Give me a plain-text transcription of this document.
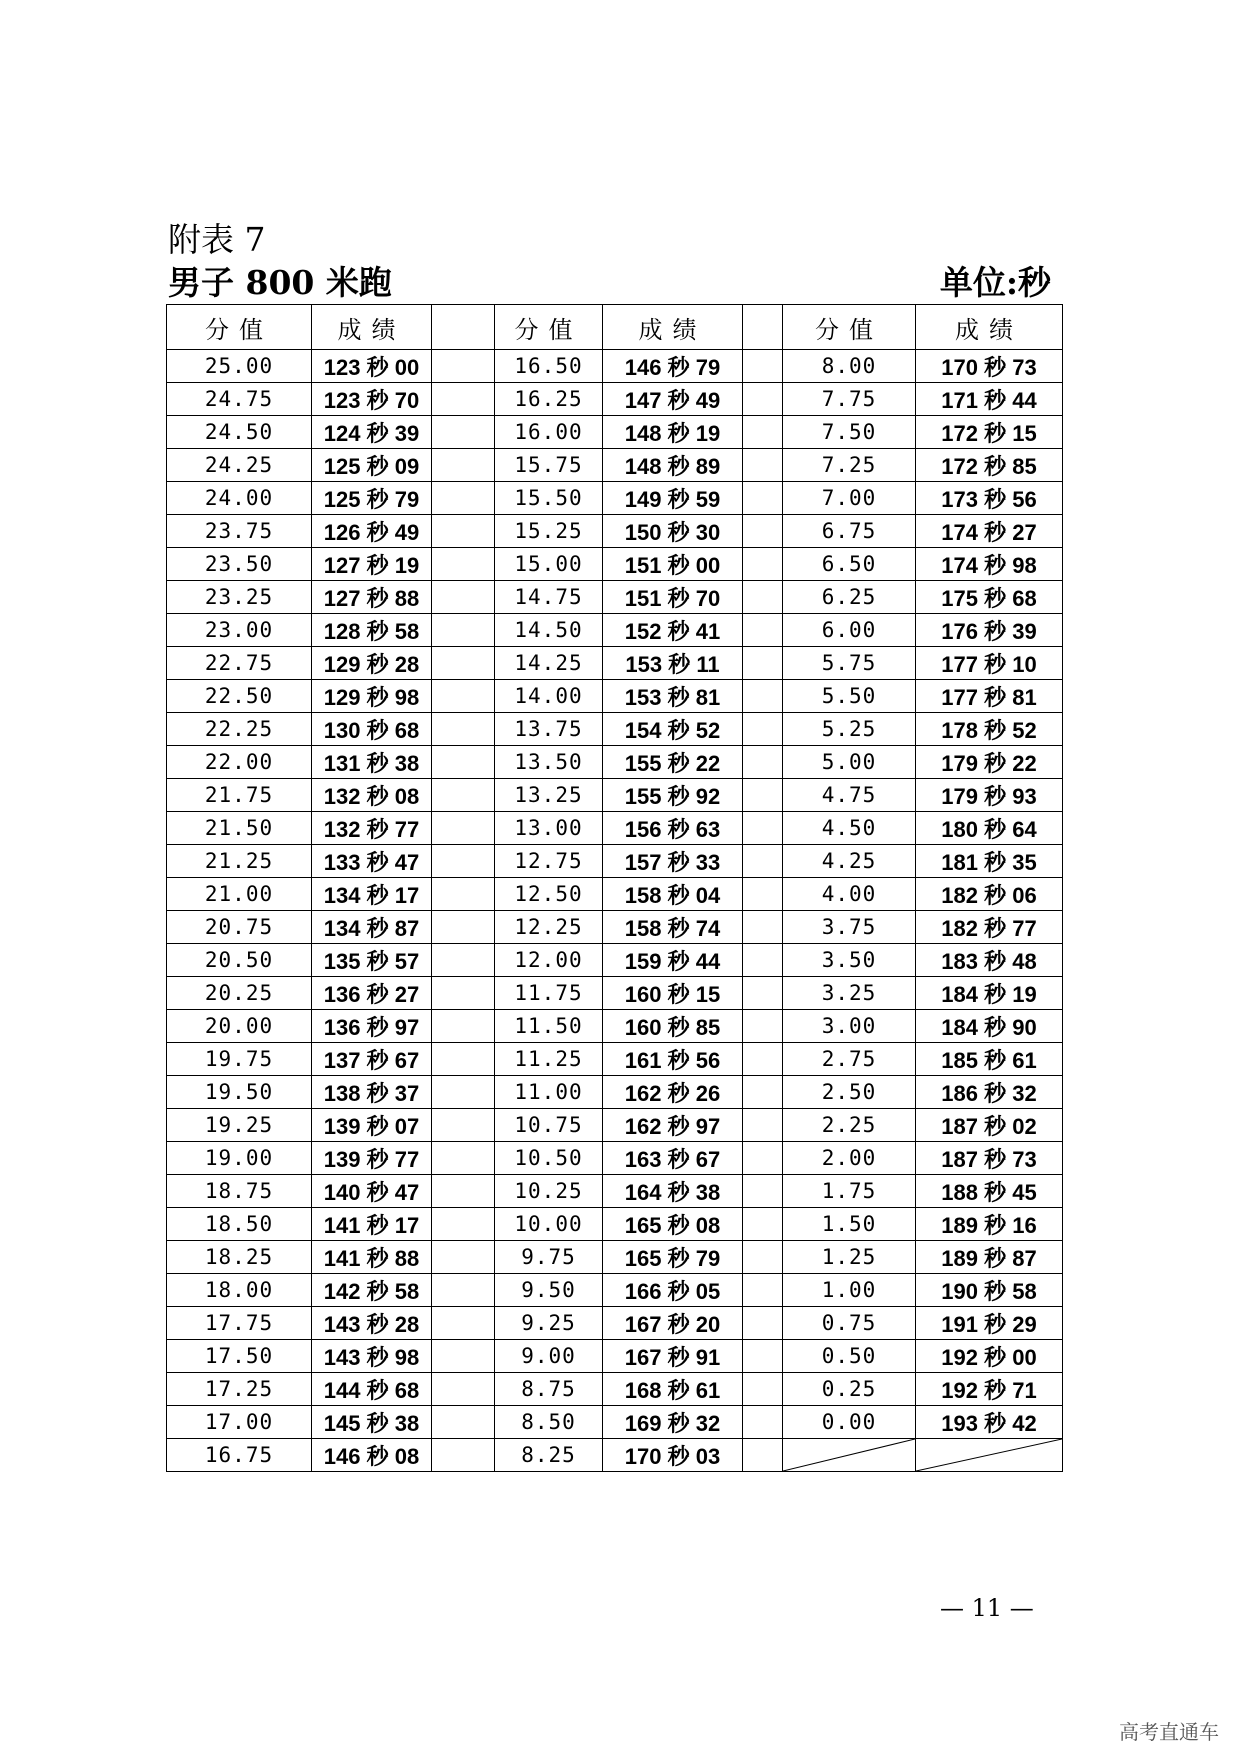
附表 7
男子 800 米跑	单位:秒
分值	成绩		分值	成绩		分值	成绩
25.00	123 秒 00		16.50	146 秒 79		8.00	170 秒 73
24.75	123 秒 70		16.25	147 秒 49		7.75	171 秒 44
24.50	124 秒 39		16.00	148 秒 19		7.50	172 秒 15
24.25	125 秒 09		15.75	148 秒 89		7.25	172 秒 85
24.00	125 秒 79		15.50	149 秒 59		7.00	173 秒 56
23.75	126 秒 49		15.25	150 秒 30		6.75	174 秒 27
23.50	127 秒 19		15.00	151 秒 00		6.50	174 秒 98
23.25	127 秒 88		14.75	151 秒 70		6.25	175 秒 68
23.00	128 秒 58		14.50	152 秒 41		6.00	176 秒 39
22.75	129 秒 28		14.25	153 秒 11		5.75	177 秒 10
22.50	129 秒 98		14.00	153 秒 81		5.50	177 秒 81
22.25	130 秒 68		13.75	154 秒 52		5.25	178 秒 52
22.00	131 秒 38		13.50	155 秒 22		5.00	179 秒 22
21.75	132 秒 08		13.25	155 秒 92		4.75	179 秒 93
21.50	132 秒 77		13.00	156 秒 63		4.50	180 秒 64
21.25	133 秒 47		12.75	157 秒 33		4.25	181 秒 35
21.00	134 秒 17		12.50	158 秒 04		4.00	182 秒 06
20.75	134 秒 87		12.25	158 秒 74		3.75	182 秒 77
20.50	135 秒 57		12.00	159 秒 44		3.50	183 秒 48
20.25	136 秒 27		11.75	160 秒 15		3.25	184 秒 19
20.00	136 秒 97		11.50	160 秒 85		3.00	184 秒 90
19.75	137 秒 67		11.25	161 秒 56		2.75	185 秒 61
19.50	138 秒 37		11.00	162 秒 26		2.50	186 秒 32
19.25	139 秒 07		10.75	162 秒 97		2.25	187 秒 02
19.00	139 秒 77		10.50	163 秒 67		2.00	187 秒 73
18.75	140 秒 47		10.25	164 秒 38		1.75	188 秒 45
18.50	141 秒 17		10.00	165 秒 08		1.50	189 秒 16
18.25	141 秒 88		9.75	165 秒 79		1.25	189 秒 87
18.00	142 秒 58		9.50	166 秒 05		1.00	190 秒 58
17.75	143 秒 28		9.25	167 秒 20		0.75	191 秒 29
17.50	143 秒 98		9.00	167 秒 91		0.50	192 秒 00
17.25	144 秒 68		8.75	168 秒 61		0.25	192 秒 71
17.00	145 秒 38		8.50	169 秒 32		0.00	193 秒 42
16.75	146 秒 08		8.25	170 秒 03		

— 11 —
高考直通车
